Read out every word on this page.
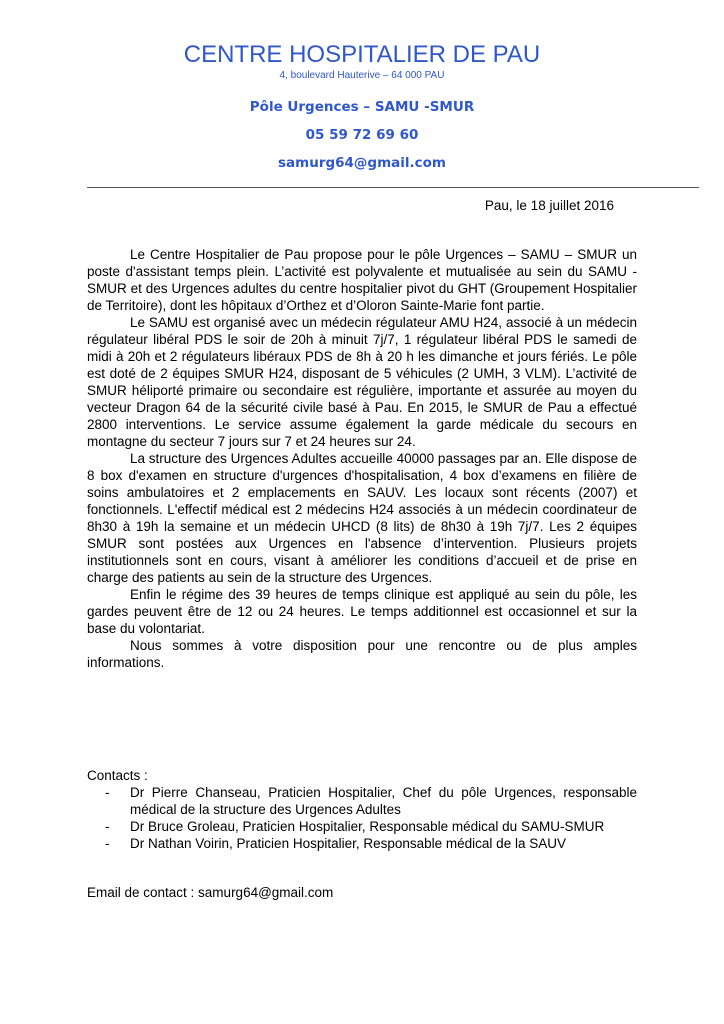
CENTRE HOSPITALIER DE PAU
4, boulevard Hauterive – 64 000 PAU
Pôle Urgences – SAMU -SMUR
05 59 72 69 60
samurg64@gmail.com
Pau, le 18 juillet 2016

Le Centre Hospitalier de Pau propose pour le pôle Urgences – SAMU – SMUR un poste d'assistant temps plein. L’activité est polyvalente et mutualisée au sein du SAMU - SMUR et des Urgences adultes du centre hospitalier pivot du GHT (Groupement Hospitalier de Territoire), dont les hôpitaux d’Orthez et d’Oloron Sainte-Marie font partie.

Le SAMU est organisé avec un médecin régulateur AMU H24, associé à un médecin régulateur libéral PDS le soir de 20h à minuit 7j/7, 1 régulateur libéral PDS le samedi de midi à 20h et 2 régulateurs libéraux PDS de 8h à 20 h les dimanche et jours fériés. Le pôle est doté de 2 équipes SMUR H24, disposant de 5 véhicules (2 UMH, 3 VLM). L’activité de SMUR héliporté primaire ou secondaire est régulière, importante et assurée au moyen du vecteur Dragon 64 de la sécurité civile basé à Pau. En 2015, le SMUR de Pau a effectué 2800 interventions. Le service assume également la garde médicale du secours en montagne du secteur 7 jours sur 7 et 24 heures sur 24.

La structure des Urgences Adultes accueille 40000 passages par an. Elle dispose de 8 box d'examen en structure d'urgences d'hospitalisation, 4 box d’examens en filière de soins ambulatoires et 2 emplacements en SAUV. Les locaux sont récents (2007) et fonctionnels. L'effectif médical est 2 médecins H24 associés à un médecin coordinateur de 8h30 à 19h la semaine et un médecin UHCD (8 lits) de 8h30 à 19h 7j/7. Les 2 équipes SMUR sont postées aux Urgences en l'absence d’intervention. Plusieurs projets institutionnels sont en cours, visant à améliorer les conditions d’accueil et de prise en charge des patients au sein de la structure des Urgences.

Enfin le régime des 39 heures de temps clinique est appliqué au sein du pôle, les gardes peuvent être de 12 ou 24 heures. Le temps additionnel est occasionnel et sur la base du volontariat.

Nous sommes à votre disposition pour une rencontre ou de plus amples informations.

Contacts :
- Dr Pierre Chanseau, Praticien Hospitalier, Chef du pôle Urgences, responsable médical de la structure des Urgences Adultes
- Dr Bruce Groleau, Praticien Hospitalier, Responsable médical du SAMU-SMUR
- Dr Nathan Voirin, Praticien Hospitalier, Responsable médical de la SAUV
Email de contact : samurg64@gmail.com
